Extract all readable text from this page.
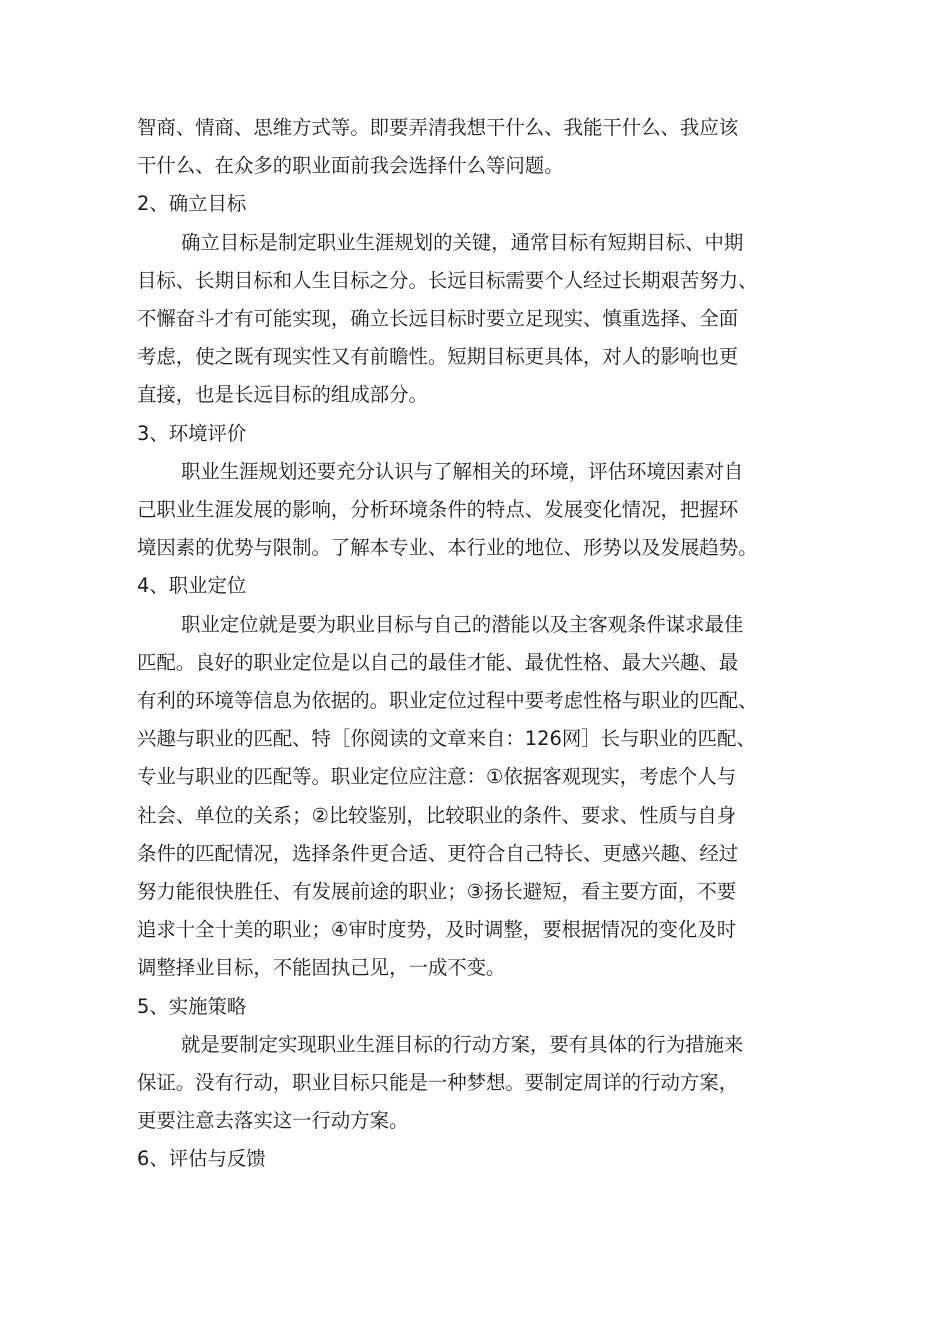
智商、情商、思维方式等。即要弄清我想干什么、我能干什么、我应该
干什么、在众多的职业面前我会选择什么等问题。

2、确立目标

确立目标是制定职业生涯规划的关键，通常目标有短期目标、中期
目标、长期目标和人生目标之分。长远目标需要个人经过长期艰苦努力、
不懈奋斗才有可能实现，确立长远目标时要立足现实、慎重选择、全面
考虑，使之既有现实性又有前瞻性。短期目标更具体，对人的影响也更
直接，也是长远目标的组成部分。

3、环境评价

职业生涯规划还要充分认识与了解相关的环境，评估环境因素对自
己职业生涯发展的影响，分析环境条件的特点、发展变化情况，把握环
境因素的优势与限制。了解本专业、本行业的地位、形势以及发展趋势。

4、职业定位

职业定位就是要为职业目标与自己的潜能以及主客观条件谋求最佳
匹配。良好的职业定位是以自己的最佳才能、最优性格、最大兴趣、最
有利的环境等信息为依据的。职业定位过程中要考虑性格与职业的匹配、
兴趣与职业的匹配、特［你阅读的文章来自：126网］长与职业的匹配、
专业与职业的匹配等。职业定位应注意：①依据客观现实，考虑个人与
社会、单位的关系；②比较鉴别，比较职业的条件、要求、性质与自身
条件的匹配情况，选择条件更合适、更符合自己特长、更感兴趣、经过
努力能很快胜任、有发展前途的职业；③扬长避短，看主要方面，不要
追求十全十美的职业；④审时度势，及时调整，要根据情况的变化及时
调整择业目标，不能固执己见，一成不变。

5、实施策略

就是要制定实现职业生涯目标的行动方案，要有具体的行为措施来
保证。没有行动，职业目标只能是一种梦想。要制定周详的行动方案，
更要注意去落实这一行动方案。

6、评估与反馈
